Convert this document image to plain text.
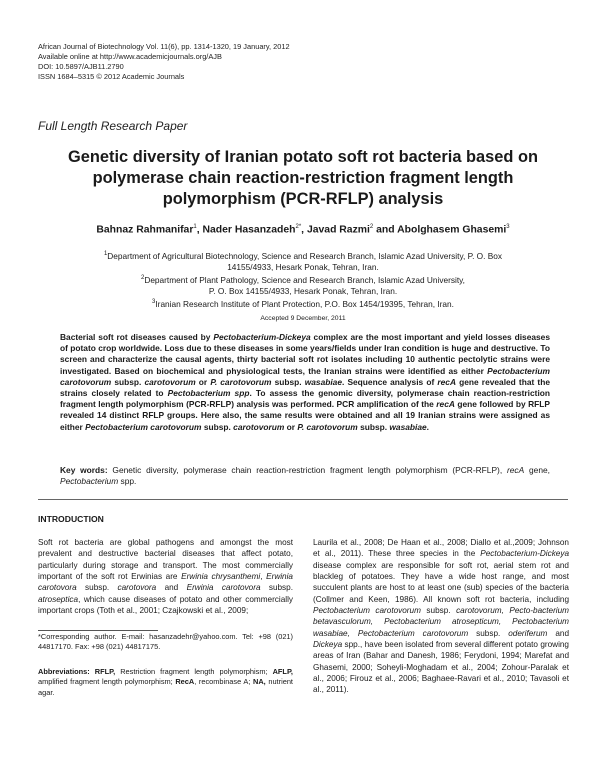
African Journal of Biotechnology Vol. 11(6), pp. 1314-1320, 19 January, 2012
Available online at http://www.academicjournals.org/AJB
DOI: 10.5897/AJB11.2790
ISSN 1684–5315 © 2012 Academic Journals
Full Length Research Paper
Genetic diversity of Iranian potato soft rot bacteria based on polymerase chain reaction-restriction fragment length polymorphism (PCR-RFLP) analysis
Bahnaz Rahmanifar$^1$, Nader Hasanzadeh$^{2*}$, Javad Razmi$^2$ and Abolghasem Ghasemi$^3$
$^1$Department of Agricultural Biotechnology, Science and Research Branch, Islamic Azad University, P. O. Box
14155/4933, Hesark Ponak, Tehran, Iran.
$^2$Department of Plant Pathology, Science and Research Branch, Islamic Azad University,
P. O. Box 14155/4933, Hesark Ponak, Tehran, Iran.
$^3$Iranian Research Institute of Plant Protection, P.O. Box 1454/19395, Tehran, Iran.
Accepted 9 December, 2011
Bacterial soft rot diseases caused by Pectobacterium-Dickeya complex are the most important and yield losses diseases of potato crop worldwide. Loss due to these diseases in some years/fields under Iran condition is huge and destructive. To screen and characterize the causal agents, thirty bacterial soft rot isolates including 10 authentic pectolytic strains were investigated. Based on biochemical and physiological tests, the Iranian strains were identified as either Pectobacterium carotovorum subsp. carotovorum or P. carotovorum subsp. wasabiae. Sequence analysis of recA gene revealed that the strains closely related to Pectobacterium spp. To assess the genomic diversity, polymerase chain reaction-restriction fragment length polymorphism (PCR-RFLP) analysis was performed. PCR amplification of the recA gene followed by RFLP revealed 14 distinct RFLP groups. Here also, the same results were obtained and all 19 Iranian strains were assigned as either Pectobacterium carotovorum subsp. carotovorum or P. carotovorum subsp. wasabiae.
Key words: Genetic diversity, polymerase chain reaction-restriction fragment length polymorphism (PCR-RFLP), recA gene, Pectobacterium spp.
INTRODUCTION
Soft rot bacteria are global pathogens and amongst the most prevalent and destructive bacterial diseases that affect potato, particularly during storage and transport. The most commercially important of the soft rot Erwinias are Erwinia chrysanthemi, Erwinia carotovora subsp. carotovora and Erwinia carotovora subsp. atroseptica, which cause diseases of potato and other commercially important crops (Toth et al., 2001; Czajkowski et al., 2009;
*Corresponding author. E-mail: hasanzadehr@yahoo.com. Tel: +98 (021) 44817170. Fax: +98 (021) 44817175.
Abbreviations: RFLP, Restriction fragment length polymorphism; AFLP, amplified fragment length polymorphism; RecA, recombinase A; NA, nutrient agar.
Laurila et al., 2008; De Haan et al., 2008; Diallo et al.,2009; Johnson et al., 2011). These three species in the Pectobacterium-Dickeya disease complex are responsible for soft rot, aerial stem rot and blackleg of potatoes. They have a wide host range, and most succulent plants are host to at least one (sub) species of the bacteria (Collmer and Keen, 1986). All known soft rot bacteria, including Pectobacterium carotovorum subsp. carotovorum, Pecto-bacterium betavasculorum, Pectobacterium atrosepticum, Pectobacterium wasabiae, Pectobacterium carotovorum subsp. oderiferum and Dickeya spp., have been isolated from several different potato growing areas of Iran (Bahar and Danesh, 1986; Ferydoni, 1994; Marefat and Ghasemi, 2000; Soheyli-Moghadam et al., 2004; Zohour-Paralak et al., 2006; Firouz et al., 2006; Baghaee-Ravari et al., 2010; Tavasoli et al., 2011).
